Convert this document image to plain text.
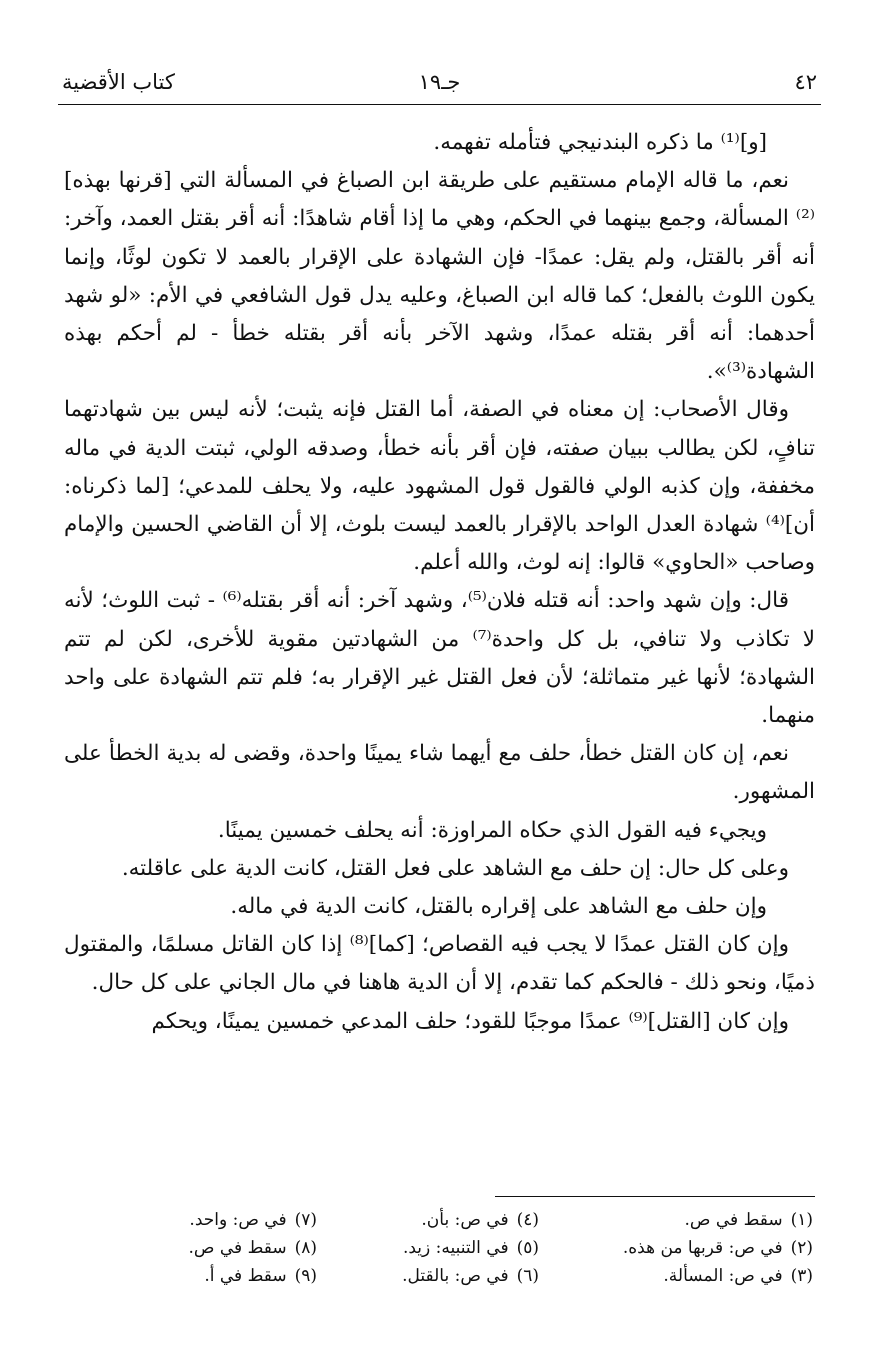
كتاب الأقضية	جـ١٩	٤٢

[و]⁽¹⁾ ما ذكره البندنيجي فتأمله تفهمه.

نعم، ما قاله الإمام مستقيم على طريقة ابن الصباغ في المسألة التي [قرنها بهذه]⁽²⁾ المسألة، وجمع بينهما في الحكم، وهي ما إذا أقام شاهدًا: أنه أقر بقتل العمد، وآخر: أنه أقر بالقتل، ولم يقل: عمدًا- فإن الشهادة على الإقرار بالعمد لا تكون لوثًا، وإنما يكون اللوث بالفعل؛ كما قاله ابن الصباغ، وعليه يدل قول الشافعي في الأم: «لو شهد أحدهما: أنه أقر بقتله عمدًا، وشهد الآخر بأنه أقر بقتله خطأ - لم أحكم بهذه الشهادة⁽³⁾».

وقال الأصحاب: إن معناه في الصفة، أما القتل فإنه يثبت؛ لأنه ليس بين شهادتهما تنافٍ، لكن يطالب ببيان صفته، فإن أقر بأنه خطأ، وصدقه الولي، ثبتت الدية في ماله مخففة، وإن كذبه الولي فالقول قول المشهود عليه، ولا يحلف للمدعي؛ [لما ذكرناه: أن]⁽⁴⁾ شهادة العدل الواحد بالإقرار بالعمد ليست بلوث، إلا أن القاضي الحسين والإمام وصاحب «الحاوي» قالوا: إنه لوث، والله أعلم.

قال: وإن شهد واحد: أنه قتله فلان⁽⁵⁾، وشهد آخر: أنه أقر بقتله⁽⁶⁾ - ثبت اللوث؛ لأنه لا تكاذب ولا تنافي، بل كل واحدة⁽⁷⁾ من الشهادتين مقوية للأخرى، لكن لم تتم الشهادة؛ لأنها غير متماثلة؛ لأن فعل القتل غير الإقرار به؛ فلم تتم الشهادة على واحد منهما.

نعم، إن كان القتل خطأ، حلف مع أيهما شاء يمينًا واحدة، وقضى له بدية الخطأ على المشهور.

ويجيء فيه القول الذي حكاه المراوزة: أنه يحلف خمسين يمينًا.

وعلى كل حال: إن حلف مع الشاهد على فعل القتل، كانت الدية على عاقلته.

وإن حلف مع الشاهد على إقراره بالقتل، كانت الدية في ماله.

وإن كان القتل عمدًا لا يجب فيه القصاص؛ [كما]⁽⁸⁾ إذا كان القاتل مسلمًا، والمقتول ذميًا، ونحو ذلك - فالحكم كما تقدم، إلا أن الدية هاهنا في مال الجاني على كل حال.

وإن كان [القتل]⁽⁹⁾ عمدًا موجبًا للقود؛ حلف المدعي خمسين يمينًا، ويحكم

(١)سقط في ص.
(٢)في ص: قربها من هذه.
(٣)في ص: المسألة.
(٤)في ص: بأن.
(٥)في التنبيه: زيد.
(٦)في ص: بالقتل.
(٧)في ص: واحد.
(٨)سقط في ص.
(٩)سقط في أ.
